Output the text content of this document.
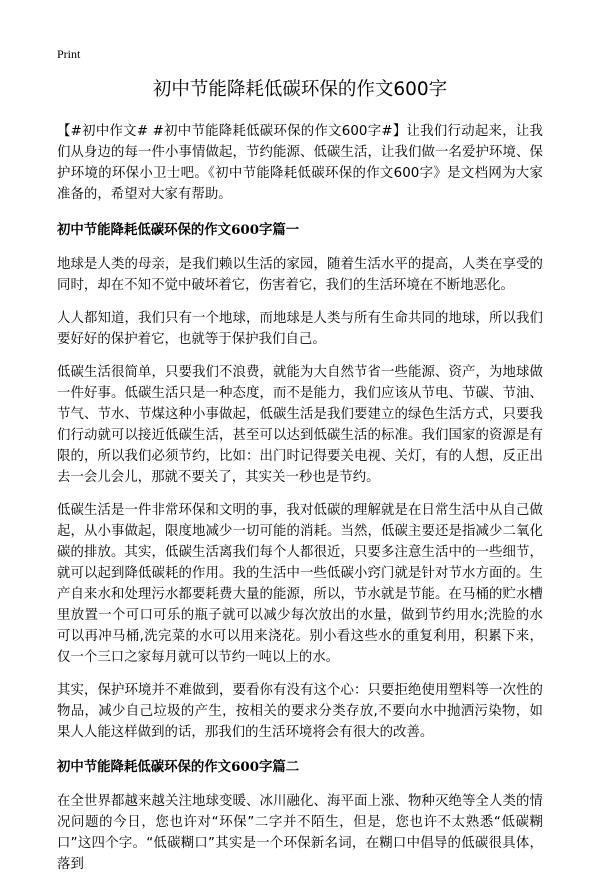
Print
初中节能降耗低碳环保的作文600字

【#初中作文# #初中节能降耗低碳环保的作文600字#】让我们行动起来，让我们从身边的每一件小事情做起，节约能源、低碳生活，让我们做一名爱护环境、保护环境的环保小卫士吧。《初中节能降耗低碳环保的作文600字》是文档网为大家准备的，希望对大家有帮助。

初中节能降耗低碳环保的作文600字篇一

地球是人类的母亲，是我们赖以生活的家园，随着生活水平的提高，人类在享受的同时，却在不知不觉中破坏着它，伤害着它，我们的生活环境在不断地恶化。

人人都知道，我们只有一个地球，而地球是人类与所有生命共同的地球，所以我们要好好的保护着它，也就等于保护我们自己。

低碳生活很简单，只要我们不浪费，就能为大自然节省一些能源、资产，为地球做一件好事。低碳生活只是一种态度，而不是能力，我们应该从节电、节碳、节油、节气、节水、节煤这种小事做起，低碳生活是我们要建立的绿色生活方式，只要我们行动就可以接近低碳生活，甚至可以达到低碳生活的标准。我们国家的资源是有限的，所以我们必须节约，比如：出门时记得要关电视、关灯，有的人想，反正出去一会儿会儿，那就不要关了，其实关一秒也是节约。

低碳生活是一件非常环保和文明的事，我对低碳的理解就是在日常生活中从自己做起，从小事做起，限度地减少一切可能的消耗。当然，低碳主要还是指减少二氧化碳的排放。其实，低碳生活离我们每个人都很近，只要多注意生活中的一些细节，就可以起到降低碳耗的作用。我的生活中一些低碳小窍门就是针对节水方面的。生产自来水和处理污水都要耗费大量的能源，所以，节水就是节能。在马桶的贮水槽里放置一个可口可乐的瓶子就可以减少每次放出的水量，做到节约用水;洗脸的水可以再冲马桶,洗完菜的水可以用来浇花。别小看这些水的重复利用，积累下来，仅一个三口之家每月就可以节约一吨以上的水。

其实，保护环境并不难做到，要看你有没有这个心：只要拒绝使用塑料等一次性的物品，减少自己垃圾的产生，按相关的要求分类存放,不要向水中抛洒污染物，如果人人能这样做到的话，那我们的生活环境将会有很大的改善。

初中节能降耗低碳环保的作文600字篇二

在全世界都越来越关注地球变暖、冰川融化、海平面上涨、物种灭绝等全人类的情况问题的今日，您也许对“环保”二字并不陌生，但是，您也许不太熟悉“低碳糊口”这四个字。“低碳糊口”其实是一个环保新名词，在糊口中倡导的低碳很具体，落到
